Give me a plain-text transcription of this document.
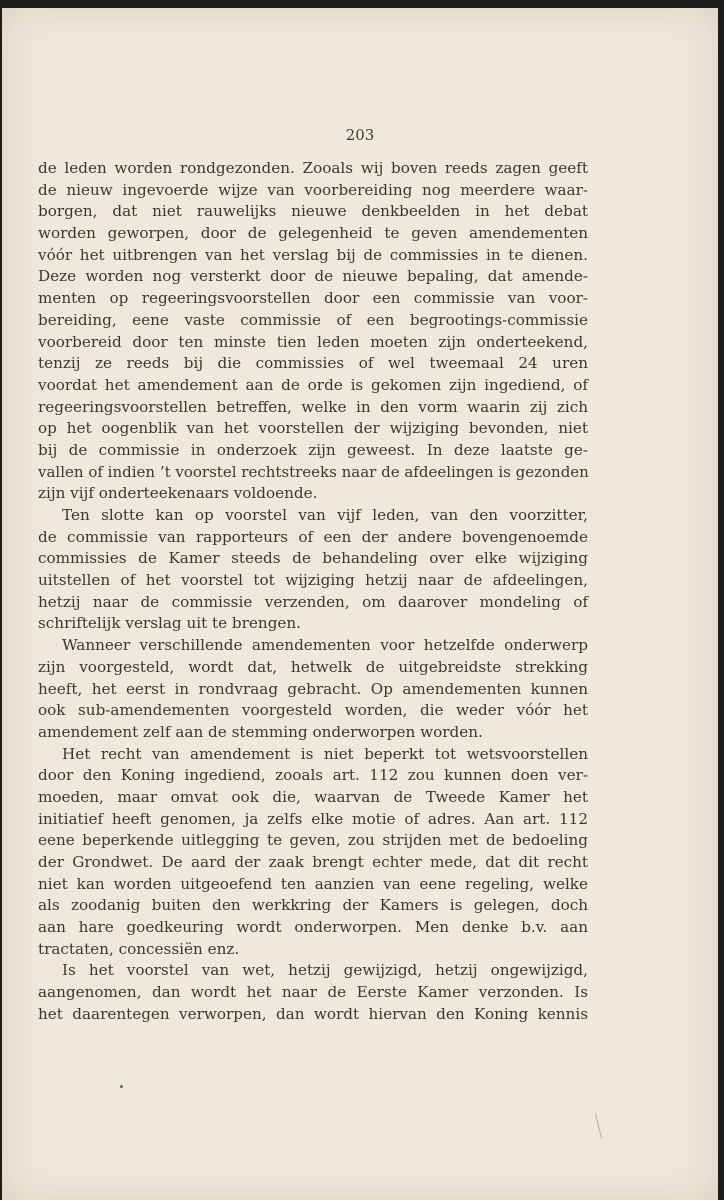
203
de leden worden rondgezonden. Zooals wij boven reeds zagen geeft
de nieuw ingevoerde wijze van voorbereiding nog meerdere waar-
borgen, dat niet rauwelijks nieuwe denkbeelden in het debat
worden geworpen, door de gelegenheid te geven amendementen
vóór het uitbrengen van het verslag bij de commissies in te dienen.
Deze worden nog versterkt door de nieuwe bepaling, dat amende-
menten op regeeringsvoorstellen door een commissie van voor-
bereiding, eene vaste commissie of een begrootings-commissie
voorbereid door ten minste tien leden moeten zijn onderteekend,
tenzij ze reeds bij die commissies of wel tweemaal 24 uren
voordat het amendement aan de orde is gekomen zijn ingediend, of
regeeringsvoorstellen betreffen, welke in den vorm waarin zij zich
op het oogenblik van het voorstellen der wijziging bevonden, niet
bij de commissie in onderzoek zijn geweest. In deze laatste ge-
vallen of indien ’t voorstel rechtstreeks naar de afdeelingen is gezonden
zijn vijf onderteekenaars voldoende.
Ten slotte kan op voorstel van vijf leden, van den voorzitter,
de commissie van rapporteurs of een der andere bovengenoemde
commissies de Kamer steeds de behandeling over elke wijziging
uitstellen of het voorstel tot wijziging hetzij naar de afdeelingen,
hetzij naar de commissie verzenden, om daarover mondeling of
schriftelijk verslag uit te brengen.
Wanneer verschillende amendementen voor hetzelfde onderwerp
zijn voorgesteld, wordt dat, hetwelk de uitgebreidste strekking
heeft, het eerst in rondvraag gebracht. Op amendementen kunnen
ook sub-amendementen voorgesteld worden, die weder vóór het
amendement zelf aan de stemming onderworpen worden.
Het recht van amendement is niet beperkt tot wetsvoorstellen
door den Koning ingediend, zooals art. 112 zou kunnen doen ver-
moeden, maar omvat ook die, waarvan de Tweede Kamer het
initiatief heeft genomen, ja zelfs elke motie of adres. Aan art. 112
eene beperkende uitlegging te geven, zou strijden met de bedoeling
der Grondwet. De aard der zaak brengt echter mede, dat dit recht
niet kan worden uitgeoefend ten aanzien van eene regeling, welke
als zoodanig buiten den werkkring der Kamers is gelegen, doch
aan hare goedkeuring wordt onderworpen. Men denke b.v. aan
tractaten, concessiën enz.
Is het voorstel van wet, hetzij gewijzigd, hetzij ongewijzigd,
aangenomen, dan wordt het naar de Eerste Kamer verzonden. Is
het daarentegen verworpen, dan wordt hiervan den Koning kennis
